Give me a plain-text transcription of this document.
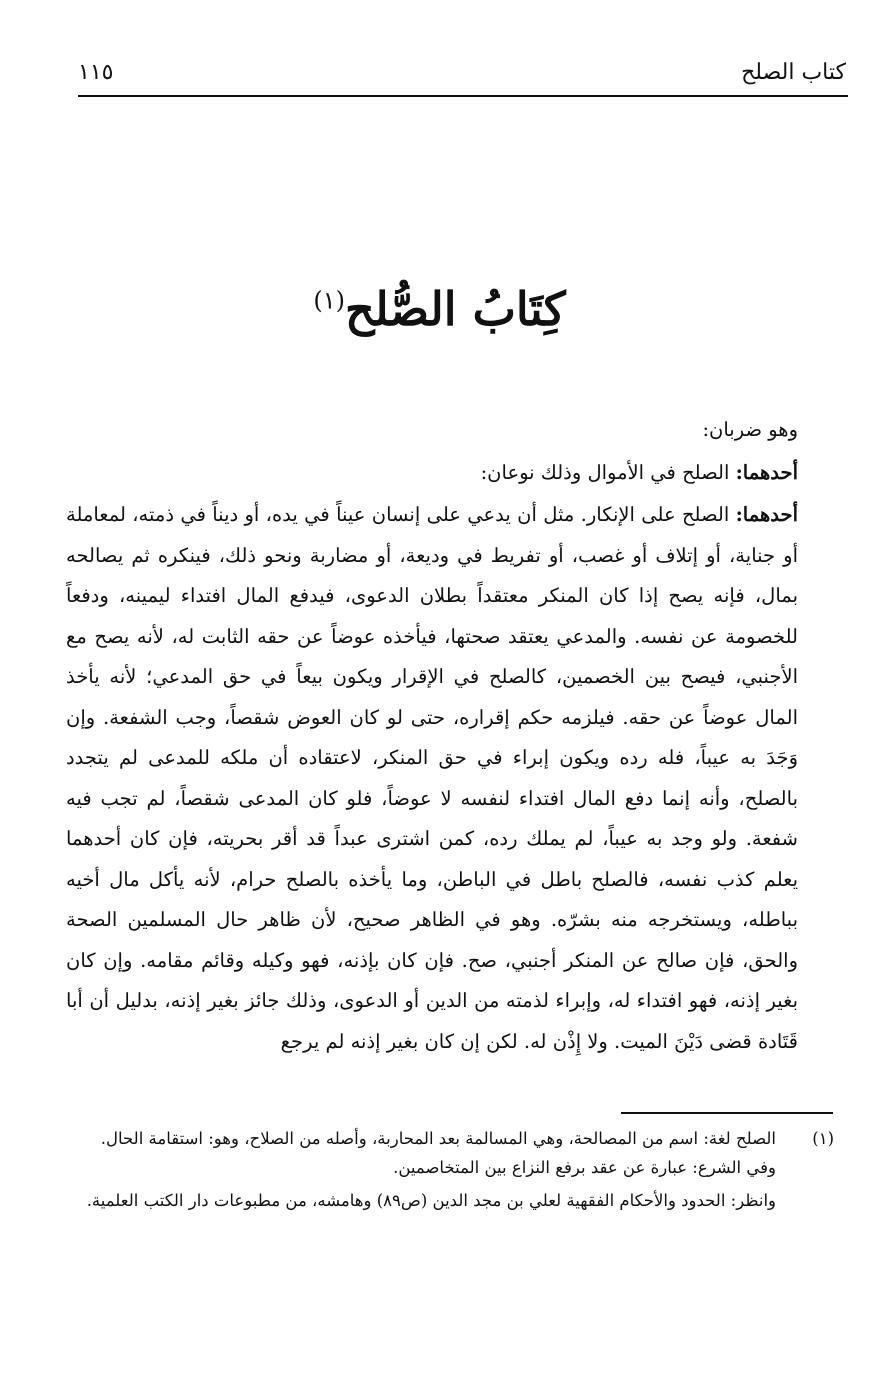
كتاب الصلح
١١٥
كِتَابُ الصُّلح$^{(١)}$

وهو ضربان:

أحدهما: الصلح في الأموال وذلك نوعان:

أحدهما: الصلح على الإنكار. مثل أن يدعي على إنسان عيناً في يده، أو ديناً في ذمته، لمعاملة أو جناية، أو إتلاف أو غصب، أو تفريط في وديعة، أو مضاربة ونحو ذلك، فينكره ثم يصالحه بمال، فإنه يصح إذا كان المنكر معتقداً بطلان الدعوى، فيدفع المال افتداء ليمينه، ودفعاً للخصومة عن نفسه. والمدعي يعتقد صحتها، فيأخذه عوضاً عن حقه الثابت له، لأنه يصح مع الأجنبي، فيصح بين الخصمين، كالصلح في الإقرار ويكون بيعاً في حق المدعي؛ لأنه يأخذ المال عوضاً عن حقه. فيلزمه حكم إقراره، حتى لو كان العوض شقصاً، وجب الشفعة. وإن وَجَدَ به عيباً، فله رده ويكون إبراء في حق المنكر، لاعتقاده أن ملكه للمدعى لم يتجدد بالصلح، وأنه إنما دفع المال افتداء لنفسه لا عوضاً، فلو كان المدعى شقصاً، لم تجب فيه شفعة. ولو وجد به عيباً، لم يملك رده، كمن اشترى عبداً قد أقر بحريته، فإن كان أحدهما يعلم كذب نفسه، فالصلح باطل في الباطن، وما يأخذه بالصلح حرام، لأنه يأكل مال أخيه بباطله، ويستخرجه منه بشرّه. وهو في الظاهر صحيح، لأن ظاهر حال المسلمين الصحة والحق، فإن صالح عن المنكر أجنبي، صح. فإن كان بإذنه، فهو وكيله وقائم مقامه. وإن كان بغير إذنه، فهو افتداء له، وإبراء لذمته من الدين أو الدعوى، وذلك جائز بغير إذنه، بدليل أن أبا قَتَادة قضى دَيْنَ الميت. ولا إِذْن له. لكن إن كان بغير إذنه لم يرجع

(١)
الصلح لغة: اسم من المصالحة، وهي المسالمة بعد المحاربة، وأصله من الصلاح، وهو: استقامة الحال.

وفي الشرع: عبارة عن عقد برفع النزاع بين المتخاصمين.

وانظر: الحدود والأحكام الفقهية لعلي بن مجد الدين (ص٨٩) وهامشه، من مطبوعات دار الكتب العلمية.
